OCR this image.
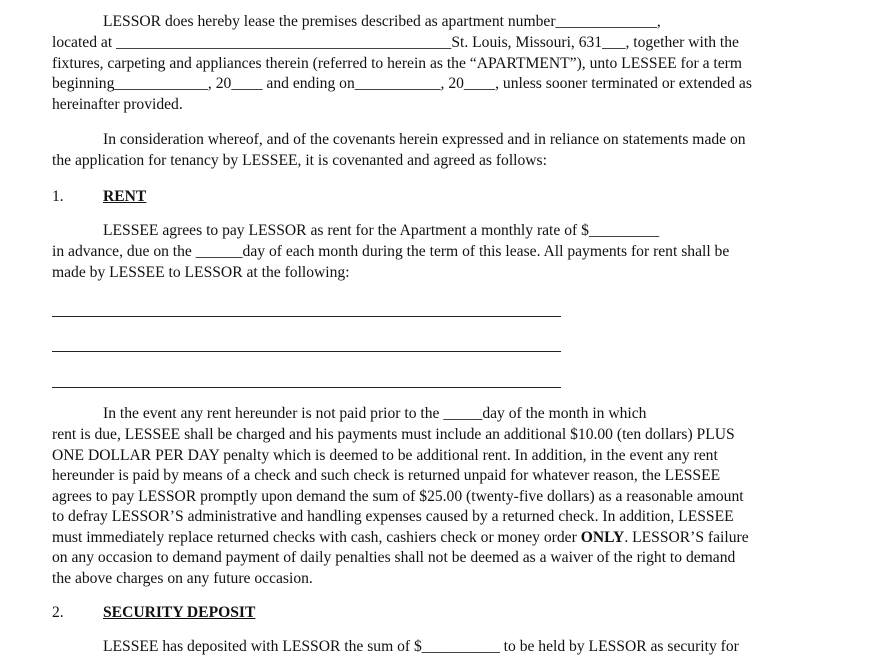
LESSOR does hereby lease the premises described as apartment number_____________,
located at ___________________________________________St. Louis, Missouri, 631___, together with the
fixtures, carpeting and appliances therein (referred to herein as the “APARTMENT”), unto LESSEE for a term
beginning____________, 20____ and ending on___________, 20____, unless sooner terminated or extended as
hereinafter provided.
In consideration whereof, and of the covenants herein expressed and in reliance on statements made on
the application for tenancy by LESSEE, it is covenanted and agreed as follows:
1.	RENT
LESSEE agrees to pay LESSOR as rent for the Apartment a monthly rate of $_________
in advance, due on the ______day of each month during the term of this lease. All payments for rent shall be
made by LESSEE to LESSOR at the following:
In the event any rent hereunder is not paid prior to the _____day of the month in which
rent is due, LESSEE shall be charged and his payments must include an additional $10.00 (ten dollars) PLUS
ONE DOLLAR PER DAY penalty which is deemed to be additional rent. In addition, in the event any rent
hereunder is paid by means of a check and such check is returned unpaid for whatever reason, the LESSEE
agrees to pay LESSOR promptly upon demand the sum of $25.00 (twenty-five dollars) as a reasonable amount
to defray LESSOR’S administrative and handling expenses caused by a returned check. In addition, LESSEE
must immediately replace returned checks with cash, cashiers check or money order ONLY. LESSOR’S failure
on any occasion to demand payment of daily penalties shall not be deemed as a waiver of the right to demand
the above charges on any future occasion.
2.	SECURITY DEPOSIT
LESSEE has deposited with LESSOR the sum of $__________ to be held by LESSOR as security for
